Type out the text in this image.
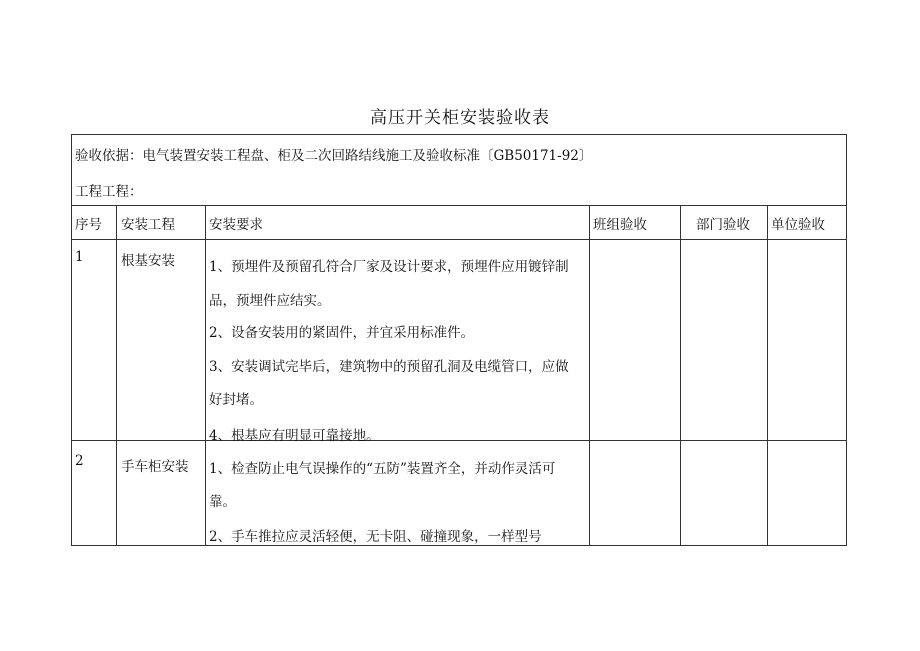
高压开关柜安装验收表
验收依据：电气装置安装工程盘、柜及二次回路结线施工及验收标准〔GB50171-92〕
工程工程：
序号 安装工程	安装要求	班组验收	部门验收 单位验收
1	根基安装	1、预埋件及预留孔符合厂家及设计要求，预埋件应用镀锌制

品，预埋件应结实。

2、设备安装用的紧固件，并宜采用标准件。

3、安装调试完毕后，建筑物中的预留孔洞及电缆管口，应做

好封堵。

4、根基应有明显可靠接地。

2	手车柜安装 1、检查防止电气误操作的“五防”装置齐全，并动作灵活可

靠。

2、手车推拉应灵活轻便，无卡阻、碰撞现象，一样型号
